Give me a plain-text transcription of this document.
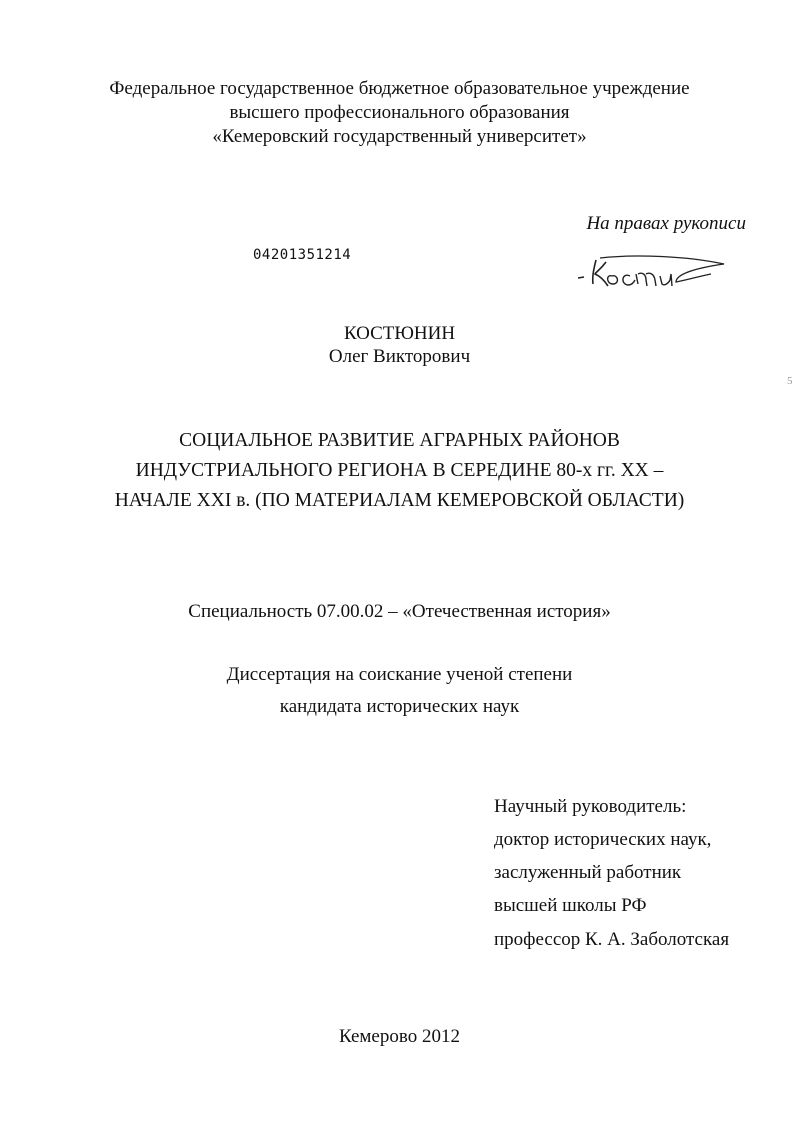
Федеральное государственное бюджетное образовательное учреждение
высшего профессионального образования
«Кемеровский государственный университет»
На правах рукописи
04201351214
КОСТЮНИН
Олег Викторович
5
СОЦИАЛЬНОЕ РАЗВИТИЕ АГРАРНЫХ РАЙОНОВ
ИНДУСТРИАЛЬНОГО РЕГИОНА В СЕРЕДИНЕ 80-х гг. ХХ –
НАЧАЛЕ XXI в. (ПО МАТЕРИАЛАМ КЕМЕРОВСКОЙ ОБЛАСТИ)
Специальность 07.00.02 – «Отечественная история»
Диссертация на соискание ученой степени
кандидата исторических наук
Научный руководитель:
доктор исторических наук,
заслуженный работник
высшей школы РФ
профессор К. А. Заболотская
Кемерово 2012
